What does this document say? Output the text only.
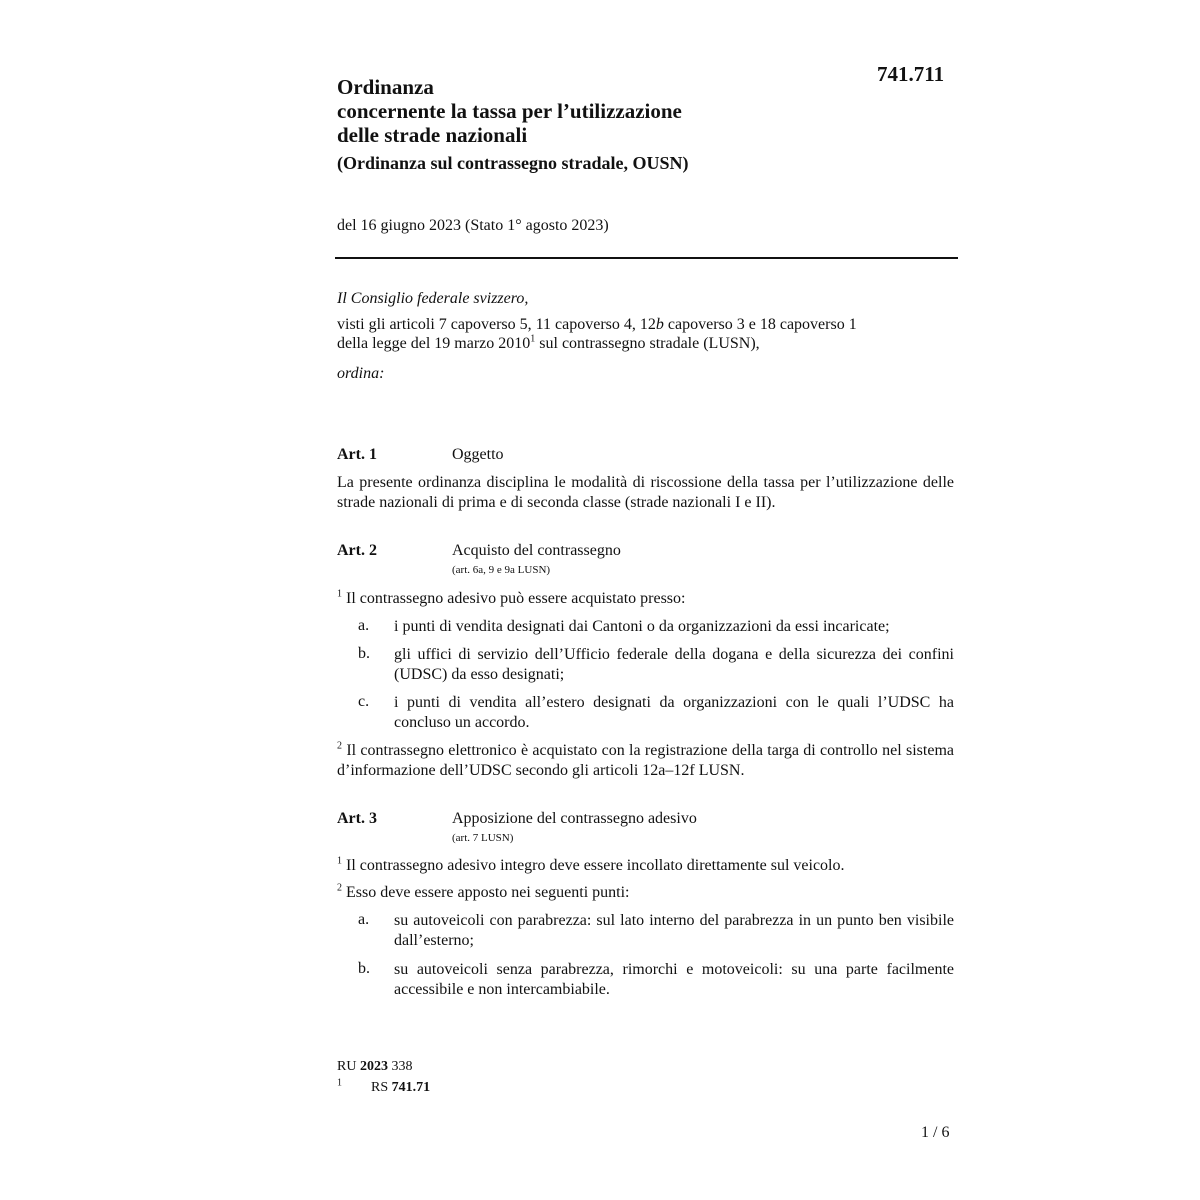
741.711
Ordinanza
concernente la tassa per l’utilizzazione
delle strade nazionali
(Ordinanza sul contrassegno stradale, OUSN)
del 16 giugno 2023 (Stato 1° agosto 2023)
Il Consiglio federale svizzero,
visti gli articoli 7 capoverso 5, 11 capoverso 4, 12b capoverso 3 e 18 capoverso 1
della legge del 19 marzo 2010$^1$ sul contrassegno stradale (LUSN),
ordina:
Art. 1	Oggetto
La presente ordinanza disciplina le modalità di riscossione della tassa per l’utilizzazione delle strade nazionali di prima e di seconda classe (strade nazionali I e II).
Art. 2	Acquisto del contrassegno
(art. 6a, 9 e 9a LUSN)
$^1$ Il contrassegno adesivo può essere acquistato presso:
a. i punti di vendita designati dai Cantoni o da organizzazioni da essi incaricate;
b. gli uffici di servizio dell’Ufficio federale della dogana e della sicurezza dei confini (UDSC) da esso designati;
c. i punti di vendita all’estero designati da organizzazioni con le quali l’UDSC ha concluso un accordo.
$^2$ Il contrassegno elettronico è acquistato con la registrazione della targa di controllo nel sistema d’informazione dell’UDSC secondo gli articoli 12a–12f LUSN.
Art. 3	Apposizione del contrassegno adesivo
(art. 7 LUSN)
$^1$ Il contrassegno adesivo integro deve essere incollato direttamente sul veicolo.
$^2$ Esso deve essere apposto nei seguenti punti:
a. su autoveicoli con parabrezza: sul lato interno del parabrezza in un punto ben visibile dall’esterno;
b. su autoveicoli senza parabrezza, rimorchi e motoveicoli: su una parte facilmente accessibile e non intercambiabile.
RU 2023 338
$^1$ RS 741.71
1 / 6
